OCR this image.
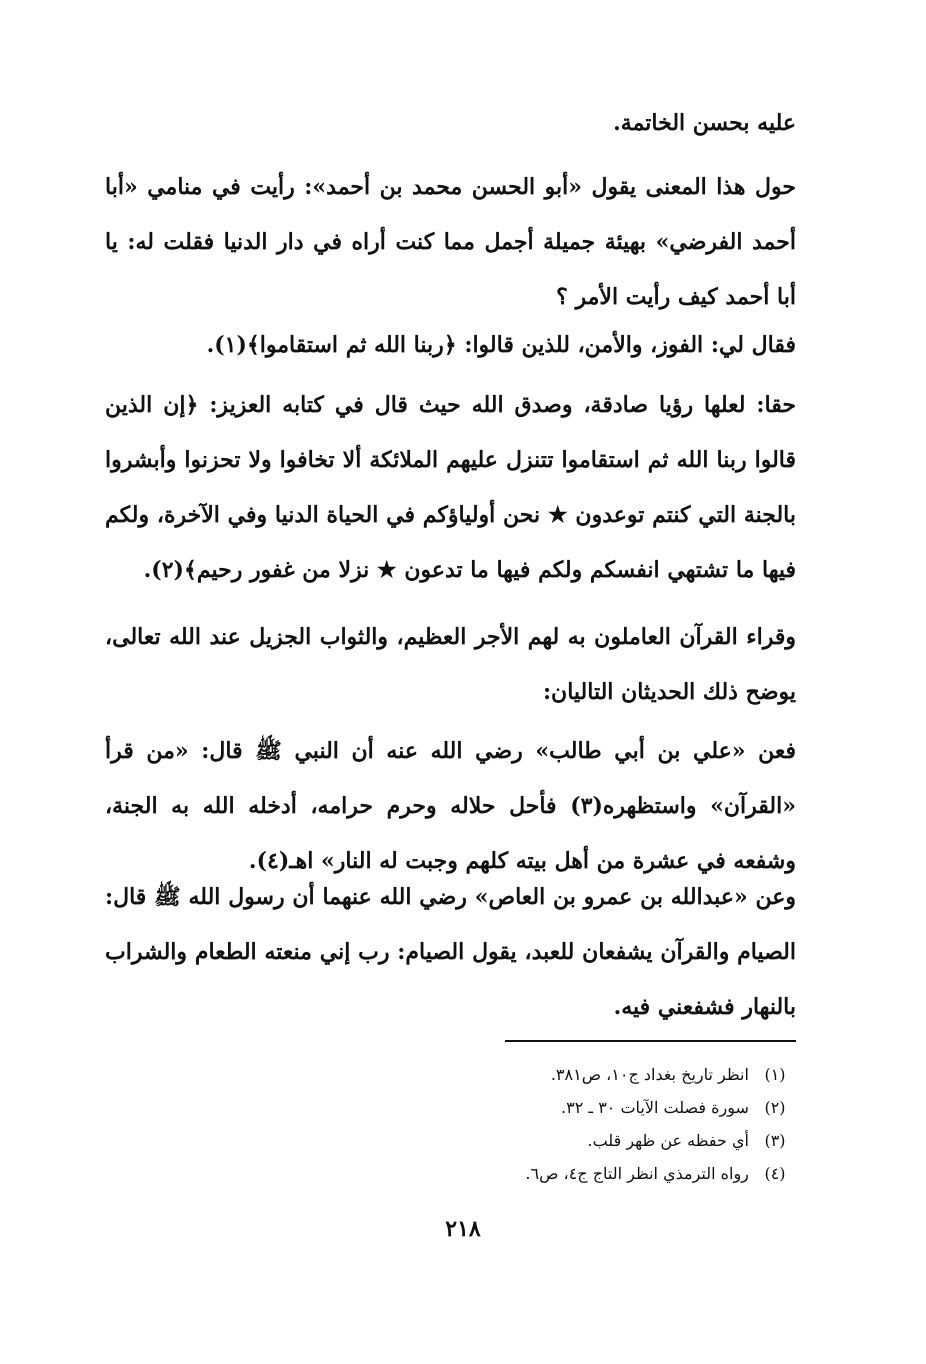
عليه بحسن الخاتمة.

حول هذا المعنى يقول «أبو الحسن محمد بن أحمد»: رأيت في منامي «أبا أحمد الفرضي» بهيئة جميلة أجمل مما كنت أراه في دار الدنيا فقلت له: يا أبا أحمد كيف رأيت الأمر ؟

فقال لي: الفوز، والأمن، للذين قالوا: ﴿ربنا الله ثم استقاموا﴾(١).

حقا: لعلها رؤيا صادقة، وصدق الله حيث قال في كتابه العزيز: ﴿إن الذين قالوا ربنا الله ثم استقاموا تتنزل عليهم الملائكة ألا تخافوا ولا تحزنوا وأبشروا بالجنة التي كنتم توعدون ★ نحن أولياؤكم في الحياة الدنيا وفي الآخرة، ولكم فيها ما تشتهي انفسكم ولكم فيها ما تدعون ★ نزلا من غفور رحيم﴾(٢).

وقراء القرآن العاملون به لهم الأجر العظيم، والثواب الجزيل عند الله تعالى، يوضح ذلك الحديثان التاليان:

فعن «علي بن أبي طالب» رضي الله عنه أن النبي ﷺ قال: «من قرأ «القرآن» واستظهره(٣) فأحل حلاله وحرم حرامه، أدخله الله به الجنة، وشفعه في عشرة من أهل بيته كلهم وجبت له النار» اهـ(٤).

وعن «عبدالله بن عمرو بن العاص» رضي الله عنهما أن رسول الله ﷺ قال: الصيام والقرآن يشفعان للعبد، يقول الصيام: رب إني منعته الطعام والشراب بالنهار فشفعني فيه.

(١) انظر تاريخ بغداد ج١٠، ص٣٨١.
(٢) سورة فصلت الآيات ٣٠ ـ ٣٢.
(٣) أي حفظه عن ظهر قلب.
(٤) رواه الترمذي انظر التاج ج٤، ص٦.
٢١٨
